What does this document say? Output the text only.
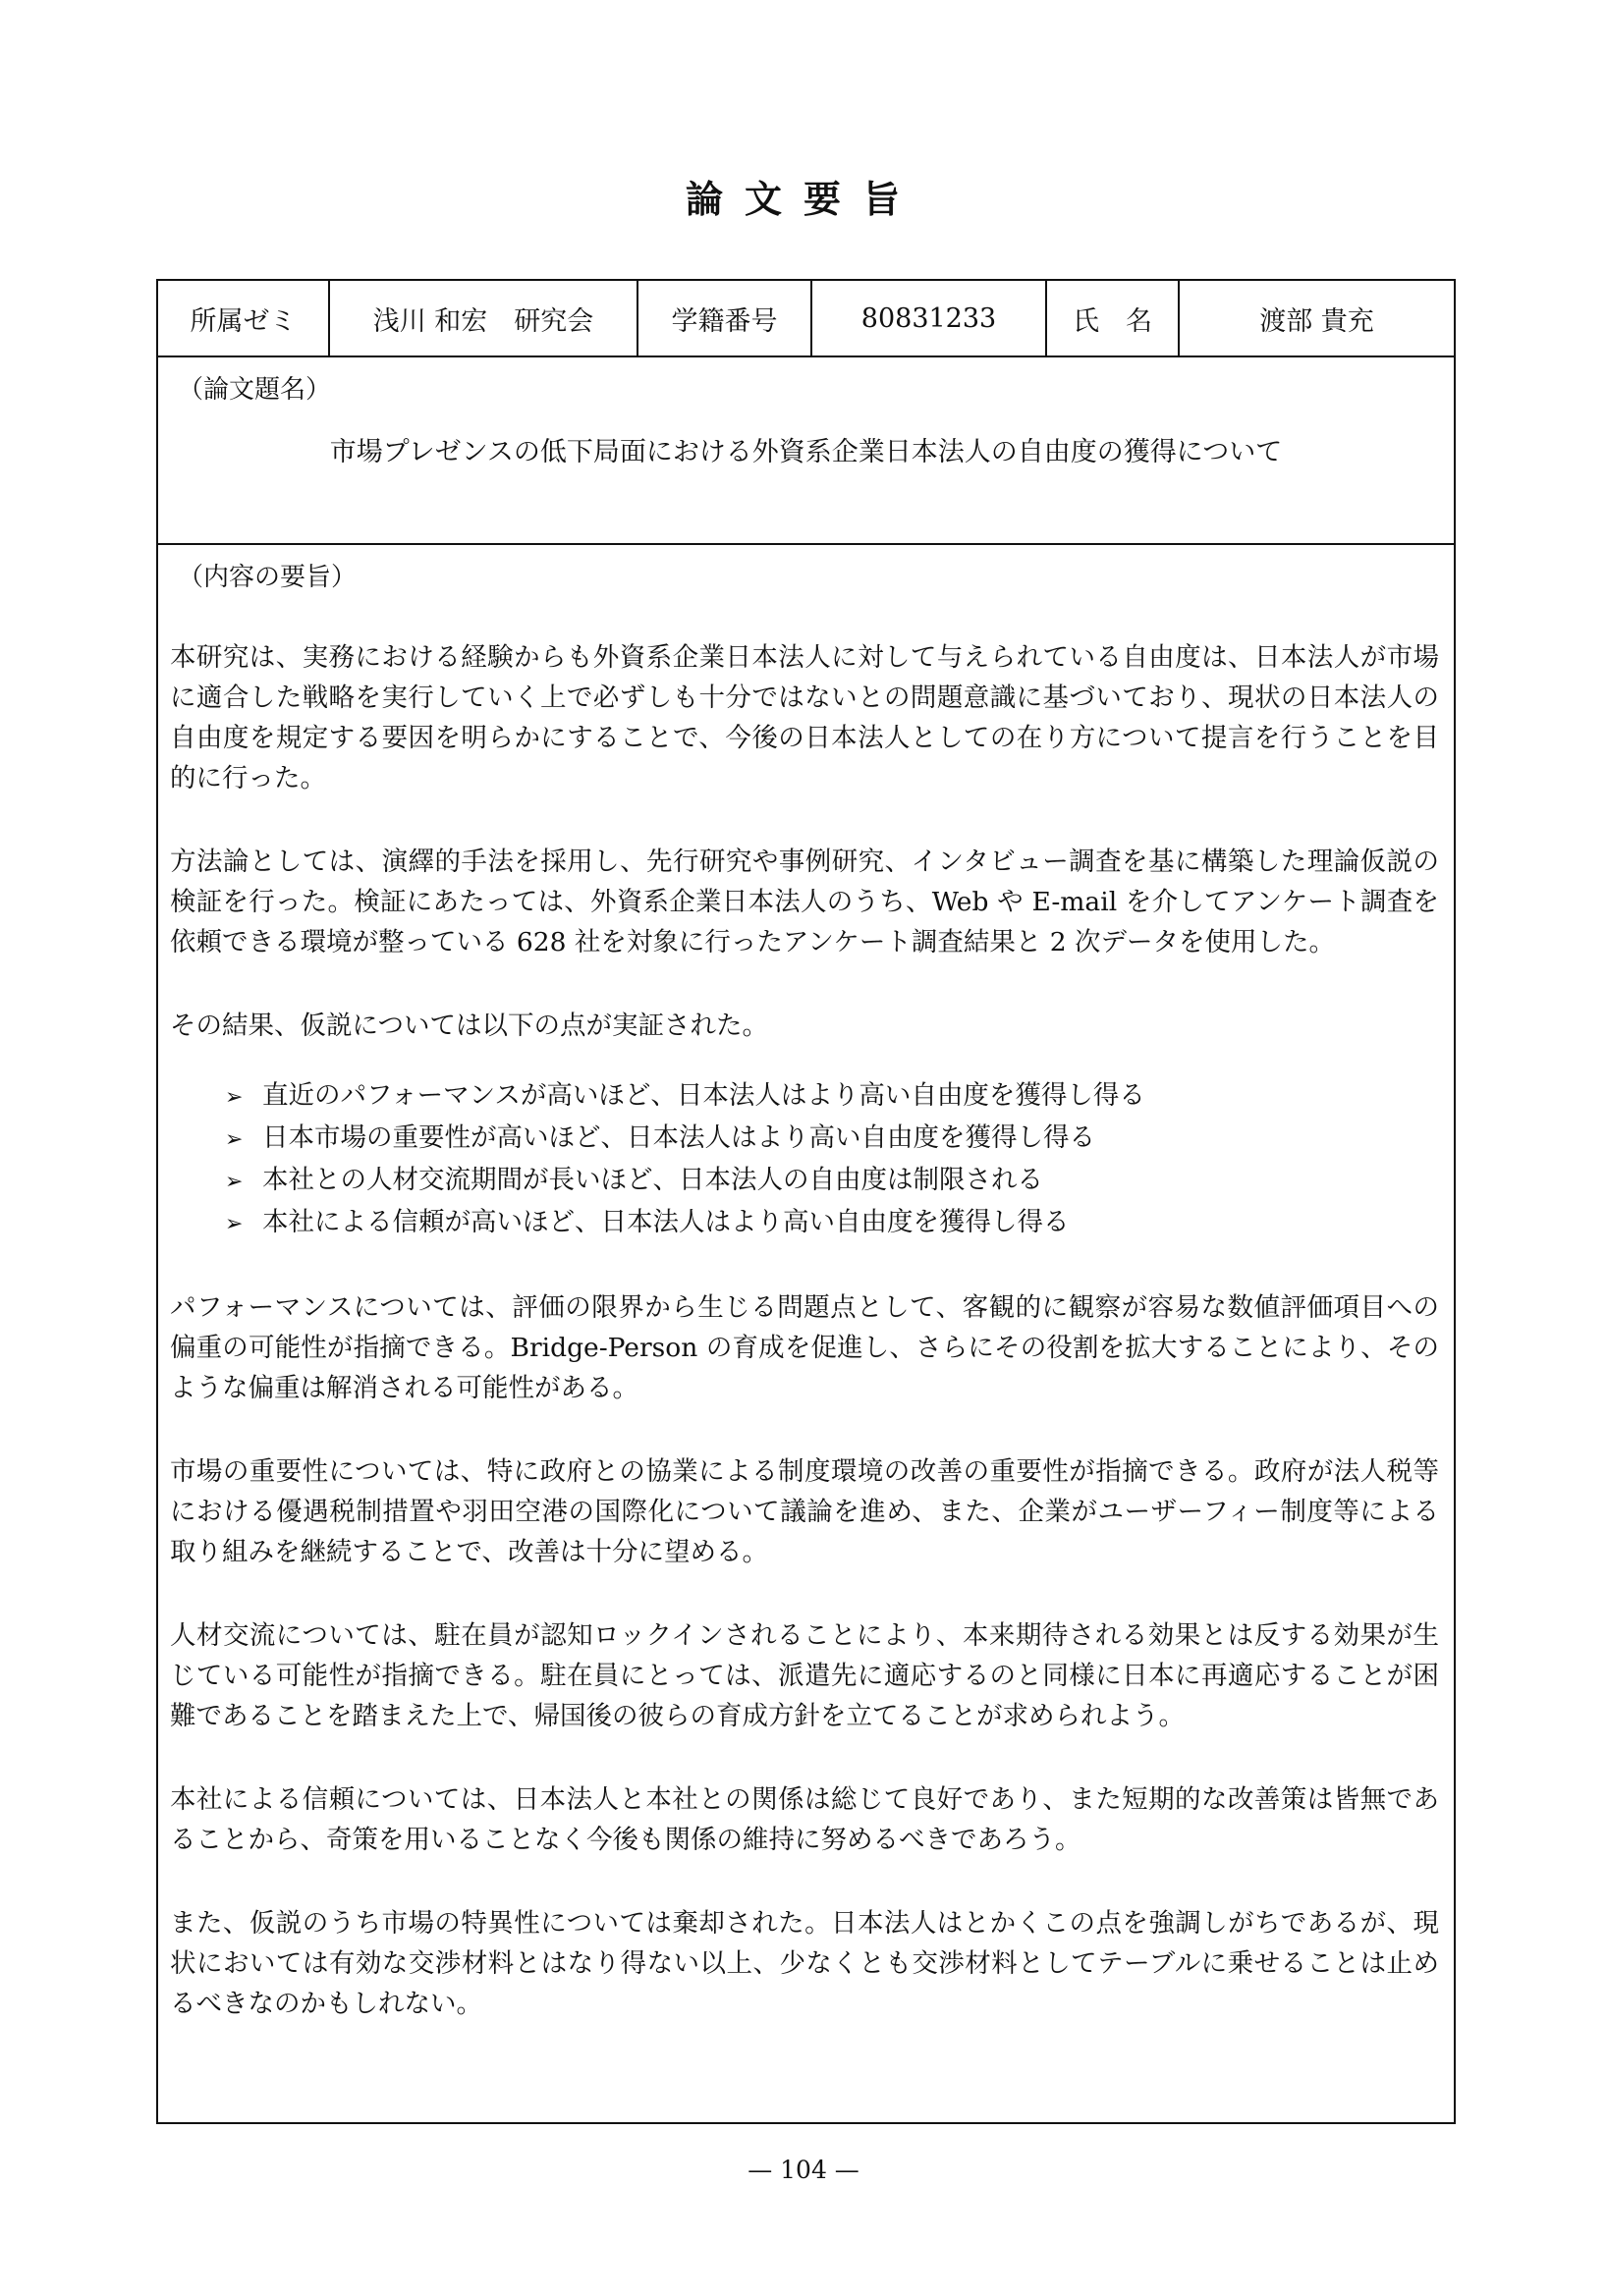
論文要旨
所属ゼミ	浅川 和宏　研究会	学籍番号	80831233	氏　名	渡部 貴充
（論文題名）
市場プレゼンスの低下局面における外資系企業日本法人の自由度の獲得について
（内容の要旨）

本研究は、実務における経験からも外資系企業日本法人に対して与えられている自由度は、日本法人が市場に適合した戦略を実行していく上で必ずしも十分ではないとの問題意識に基づいており、現状の日本法人の自由度を規定する要因を明らかにすることで、今後の日本法人としての在り方について提言を行うことを目的に行った。

方法論としては、演繹的手法を採用し、先行研究や事例研究、インタビュー調査を基に構築した理論仮説の検証を行った。検証にあたっては、外資系企業日本法人のうち、Web や E-mail を介してアンケート調査を依頼できる環境が整っている 628 社を対象に行ったアンケート調査結果と 2 次データを使用した。

その結果、仮説については以下の点が実証された。

➢ 直近のパフォーマンスが高いほど、日本法人はより高い自由度を獲得し得る
➢ 日本市場の重要性が高いほど、日本法人はより高い自由度を獲得し得る
➢ 本社との人材交流期間が長いほど、日本法人の自由度は制限される
➢ 本社による信頼が高いほど、日本法人はより高い自由度を獲得し得る

パフォーマンスについては、評価の限界から生じる問題点として、客観的に観察が容易な数値評価項目への偏重の可能性が指摘できる。Bridge-Person の育成を促進し、さらにその役割を拡大することにより、そのような偏重は解消される可能性がある。

市場の重要性については、特に政府との協業による制度環境の改善の重要性が指摘できる。政府が法人税等における優遇税制措置や羽田空港の国際化について議論を進め、また、企業がユーザーフィー制度等による取り組みを継続することで、改善は十分に望める。

人材交流については、駐在員が認知ロックインされることにより、本来期待される効果とは反する効果が生じている可能性が指摘できる。駐在員にとっては、派遣先に適応するのと同様に日本に再適応することが困難であることを踏まえた上で、帰国後の彼らの育成方針を立てることが求められよう。

本社による信頼については、日本法人と本社との関係は総じて良好であり、また短期的な改善策は皆無であることから、奇策を用いることなく今後も関係の維持に努めるべきであろう。

また、仮説のうち市場の特異性については棄却された。日本法人はとかくこの点を強調しがちであるが、現状においては有効な交渉材料とはなり得ない以上、少なくとも交渉材料としてテーブルに乗せることは止めるべきなのかもしれない。

— 104 —
